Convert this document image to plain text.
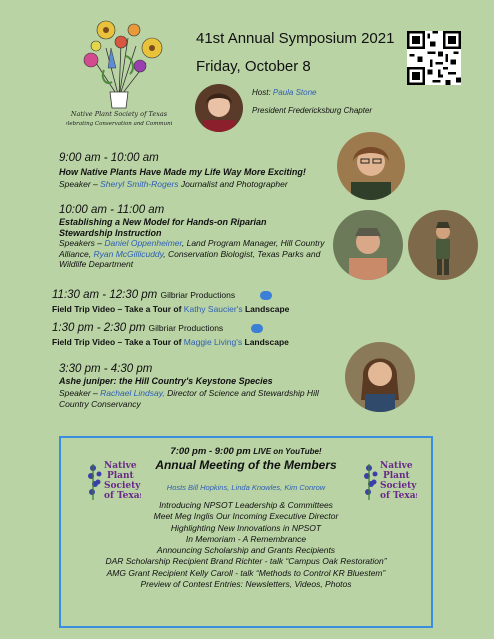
Native Plant Society of Texas
Celebrating Conservation and Community
41st Annual Symposium 2021
Friday, October 8
Host: Paula Stone
President Fredericksburg Chapter
9:00 am - 10:00 am
How Native Plants Have Made my Life Way More Exciting!
Speaker – Sheryl Smith-Rogers Journalist and Photographer
10:00 am - 11:00 am
Establishing a New Model for Hands-on Riparian Stewardship Instruction
Speakers – Daniel Oppenheimer, Land Program Manager, Hill Country Alliance, Ryan McGillicuddy, Conservation Biologist, Texas Parks and Wildlife Department
11:30 am - 12:30 pm Gilbriar Productions
Field Trip Video – Take a Tour of Kathy Saucier's Landscape
1:30 pm - 2:30 pm Gilbriar Productions
Field Trip Video – Take a Tour of Maggie Living's Landscape
3:30 pm - 4:30 pm
Ashe juniper: the Hill Country's Keystone Species
Speaker – Rachael Lindsay, Director of Science and Stewardship Hill Country Conservancy
Native
Plant
Society
of Texas
Native
Plant
Society
of Texas
7:00 pm - 9:00 pm LIVE on YouTube!
Annual Meeting of the Members
Hosts Bill Hopkins, Linda Knowles, Kim Conrow
Introducing NPSOT Leadership & Committees
Meet Meg Inglis Our Incoming Executive Director
Highlighting New Innovations in NPSOT
In Memoriam - A Remembrance
Announcing Scholarship and Grants Recipients
DAR Scholarship Recipient Brand Richter - talk “Campus Oak Restoration”
AMG Grant Recipient Kelly Caroll - talk “Methods to Control KR Bluestem”
Preview of Contest Entries: Newsletters, Videos, Photos
